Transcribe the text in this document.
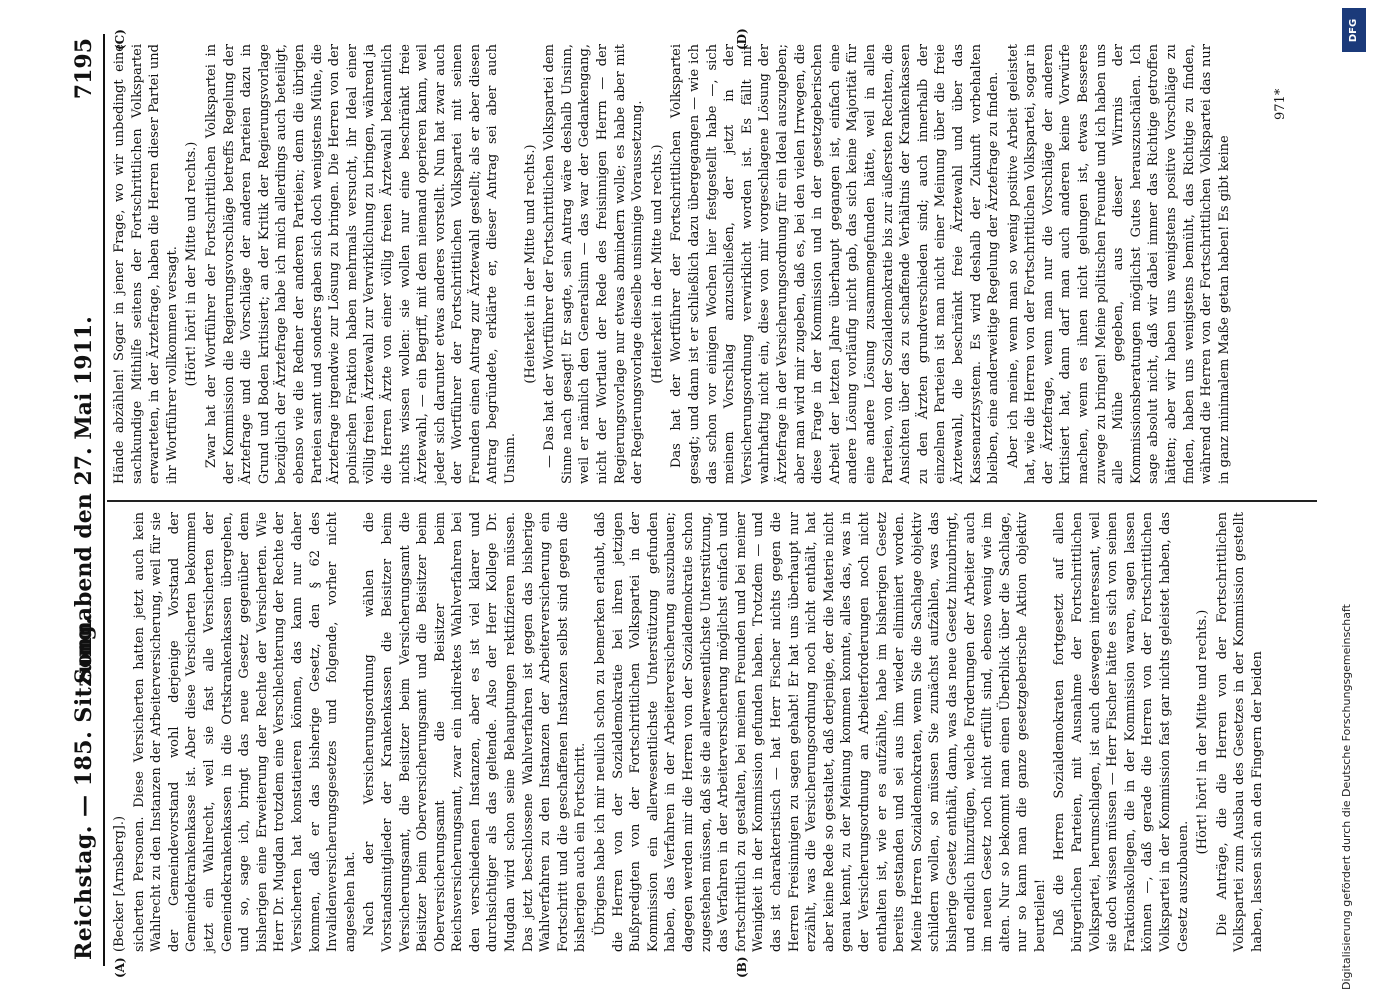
Reichstag. — 185. Sitzung.
Sonnabend den 27. Mai 1911.
7195
(A)	(B)
(C)	(D)

(Becker [Arnsberg].) sicherten Personen. Diese Versicherten hatten jetzt auch kein Wahlrecht zu den Instanzen der Arbeiterversicherung, weil für sie der Gemeindevorstand wohl derjenige Vorstand der Gemeindekrankenkasse ist. Aber diese Versicherten bekommen jetzt ein Wahlrecht, weil sie fast alle Versicherten der Gemeindekrankenkassen in die Ortskrankenkassen übergehen, und so, sage ich, bringt das neue Gesetz gegenüber dem bisherigen eine Erweiterung der Rechte der Versicherten. Wie Herr Dr. Mugdan trotzdem eine Verschlechterung der Rechte der Versicherten hat konstatieren können, das kann nur daher kommen, daß er das bisherige Gesetz, den § 62 des Invalidenversicherungsgesetzes und folgende, vorher nicht angesehen hat. Nach der Versicherungsordnung wählen die Vorstandsmitglieder der Krankenkassen die Beisitzer beim Versicherungsamt, die Beisitzer beim Versicherungsamt die Beisitzer beim Oberversicherungsamt und die Beisitzer beim Oberversicherungsamt die Beisitzer beim Reichsversicherungsamt, zwar ein indirektes Wahlverfahren bei den verschiedenen Instanzen, aber es ist viel klarer und durchsichtiger als das geltende. Also der Herr Kollege Dr. Mugdan wird schon seine Behauptungen rektifizieren müssen. Das jetzt beschlossene Wahlverfahren ist gegen das bisherige Wahlverfahren zu den Instanzen der Arbeiterversicherung ein Fortschritt und die geschaffenen Instanzen selbst sind gegen die bisherigen auch ein Fortschritt. Übrigens habe ich mir neulich schon zu bemerken erlaubt, daß die Herren von der Sozialdemokratie bei ihren jetzigen Bußpredigten von der Fortschrittlichen Volkspartei in der Kommission ein allerwesentlichste Unterstützung gefunden haben, das Verfahren in der Arbeiterversicherung auszubauen; dagegen werden mir die Herren von der Sozialdemokratie schon zugestehen müssen, daß sie die allerwesentlichste Unterstützung, das Verfahren in der Arbeiterversicherung möglichst einfach und fortschrittlich zu gestalten, bei meinen Freunden und bei meiner Wenigkeit in der Kommission gefunden haben. Trotzdem — und das ist charakteristisch — hat Herr Fischer nichts gegen die Herren Freisinnigen zu sagen gehabt! Er hat uns überhaupt nur erzählt, was die Versicherungsordnung noch nicht enthält, hat aber keine Rede so gestaltet, daß derjenige, der die Materie nicht genau kennt, zu der Meinung kommen konnte, alles das, was in der Versicherungsordnung an Arbeiterforderungen noch nicht enthalten ist, wie er es aufzählte, habe im bisherigen Gesetz bereits gestanden und sei aus ihm wieder eliminiert worden. Meine Herren Sozialdemokraten, wenn Sie die Sachlage objektiv schildern wollen, so müssen Sie zunächst aufzählen, was das bisherige Gesetz enthält, dann, was das neue Gesetz hinzubringt, und endlich hinzufügen, welche Forderungen der Arbeiter auch im neuen Gesetz noch nicht erfüllt sind, ebenso wenig wie im alten. Nur so bekommt man einen Überblick über die Sachlage, nur so kann man die ganze gesetzgeberische Aktion objektiv beurteilen! Daß die Herren Sozialdemokraten fortgesetzt auf allen bürgerlichen Parteien, mit Ausnahme der Fortschrittlichen Volkspartei, herumschlagen, ist auch deswegen interessant, weil sie doch wissen müssen — Herr Fischer hätte es sich von seinen Fraktionskollegen, die in der Kommission waren, sagen lassen können —, daß gerade die Herren von der Fortschrittlichen Volkspartei in der Kommission fast gar nichts geleistet haben, das Gesetz auszubauen.

(Hört! hört! in der Mitte und rechts.) Die Anträge, die die Herren von der Fortschrittlichen Volkspartei zum Ausbau des Gesetzes in der Kommission gestellt haben, lassen sich an den Fingern der beiden

Hände abzählen! Sogar in jener Frage, wo wir unbedingt eine sachkundige Mithilfe seitens der Fortschrittlichen Volkspartei erwarteten, in der Ärztefrage, haben die Herren dieser Partei und ihr Wortführer vollkommen versagt. (Hört! hört! in der Mitte und rechts.) Zwar hat der Wortführer der Fortschrittlichen Volkspartei in der Kommission die Regierungsvorschläge betreffs Regelung der Ärztefrage und die Vorschläge der anderen Parteien dazu in Grund und Boden kritisiert; an der Kritik der Regierungsvorlage bezüglich der Ärztefrage habe ich mich allerdings auch beteiligt, ebenso wie die Redner der anderen Parteien; denn die übrigen Parteien samt und sonders gaben sich doch wenigstens Mühe, die Ärztefrage irgendwie zur Lösung zu bringen. Die Herren von der polnischen Fraktion haben mehrmals versucht, ihr Ideal einer völlig freien Ärztewahl zur Verwirklichung zu bringen, während ja die Herren Ärzte von einer völlig freien Ärztewahl bekanntlich nichts wissen wollen: sie wollen nur eine beschränkt freie Ärztewahl, — ein Begriff, mit dem niemand operieren kann, weil jeder sich darunter etwas anderes vorstellt. Nun hat zwar auch der Wortführer der Fortschrittlichen Volkspartei mit seinen Freunden einen Antrag zur Ärztewahl gestellt; als er aber diesen Antrag begründete, erklärte er, dieser Antrag sei aber auch Unsinn.

(Heiterkeit in der Mitte und rechts.) — Das hat der Wortführer der Fortschrittlichen Volkspartei dem Sinne nach gesagt! Er sagte, sein Antrag wäre deshalb Unsinn, weil er nämlich den Generalsinn — das war der Gedankengang, nicht der Wortlaut der Rede des freisinnigen Herrn — der Regierungsvorlage nur etwas abmindern wolle; es habe aber mit der Regierungsvorlage dieselbe unsinnige Voraussetzung. (Heiterkeit in der Mitte und rechts.) Das hat der Wortführer der Fortschrittlichen Volkspartei gesagt; und dann ist er schließlich dazu übergegangen — wie ich das schon vor einigen Wochen hier festgestellt habe —, sich meinem Vorschlag anzuschließen, der jetzt in der Versicherungsordnung verwirklicht worden ist. Es fällt mir wahrhaftig nicht ein, diese von mir vorgeschlagene Lösung der Ärztefrage in der Versicherungsordnung für ein Ideal auszugeben; aber man wird mir zugeben, daß es, bei den vielen Irrwegen, die diese Frage in der Kommission und in der gesetzgeberischen Arbeit der letzten Jahre überhaupt gegangen ist, einfach eine andere Lösung vorläufig nicht gab, das sich keine Majorität für eine andere Lösung zusammengefunden hätte, weil in allen Parteien, von der Sozialdemokratie bis zur äußersten Rechten, die Ansichten über das zu schaffende Verhältnis der Krankenkassen zu den Ärzten grundverschieden sind; auch innerhalb der einzelnen Parteien ist man nicht einer Meinung über die freie Ärztewahl, die beschränkt freie Ärztewahl und über das Kassenarztsystem. Es wird deshalb der Zukunft vorbehalten bleiben, eine anderweitige Regelung der Ärztefrage zu finden. Aber ich meine, wenn man so wenig positive Arbeit geleistet hat, wie die Herren von der Fortschrittlichen Volkspartei, sogar in der Ärztefrage, wenn man nur die Vorschläge der anderen kritisiert hat, dann darf man auch anderen keine Vorwürfe machen, wenn es ihnen nicht gelungen ist, etwas Besseres zuwege zu bringen! Meine politischen Freunde und ich haben uns alle Mühe gegeben, aus dieser Wirrnis der Kommissionsberatungen möglichst Gutes herauszuschälen. Ich sage absolut nicht, daß wir dabei immer das Richtige getroffen hätten; aber wir haben uns wenigstens positive Vorschläge zu finden, haben uns wenigstens bemüht, das Richtige zu finden, während die Herren von der Fortschrittlichen Volkspartei das nur in ganz minimalem Maße getan haben! Es gibt keine

971*
Digitalisierung gefördert durch die Deutsche Forschungsgemeinschaft
DFG
